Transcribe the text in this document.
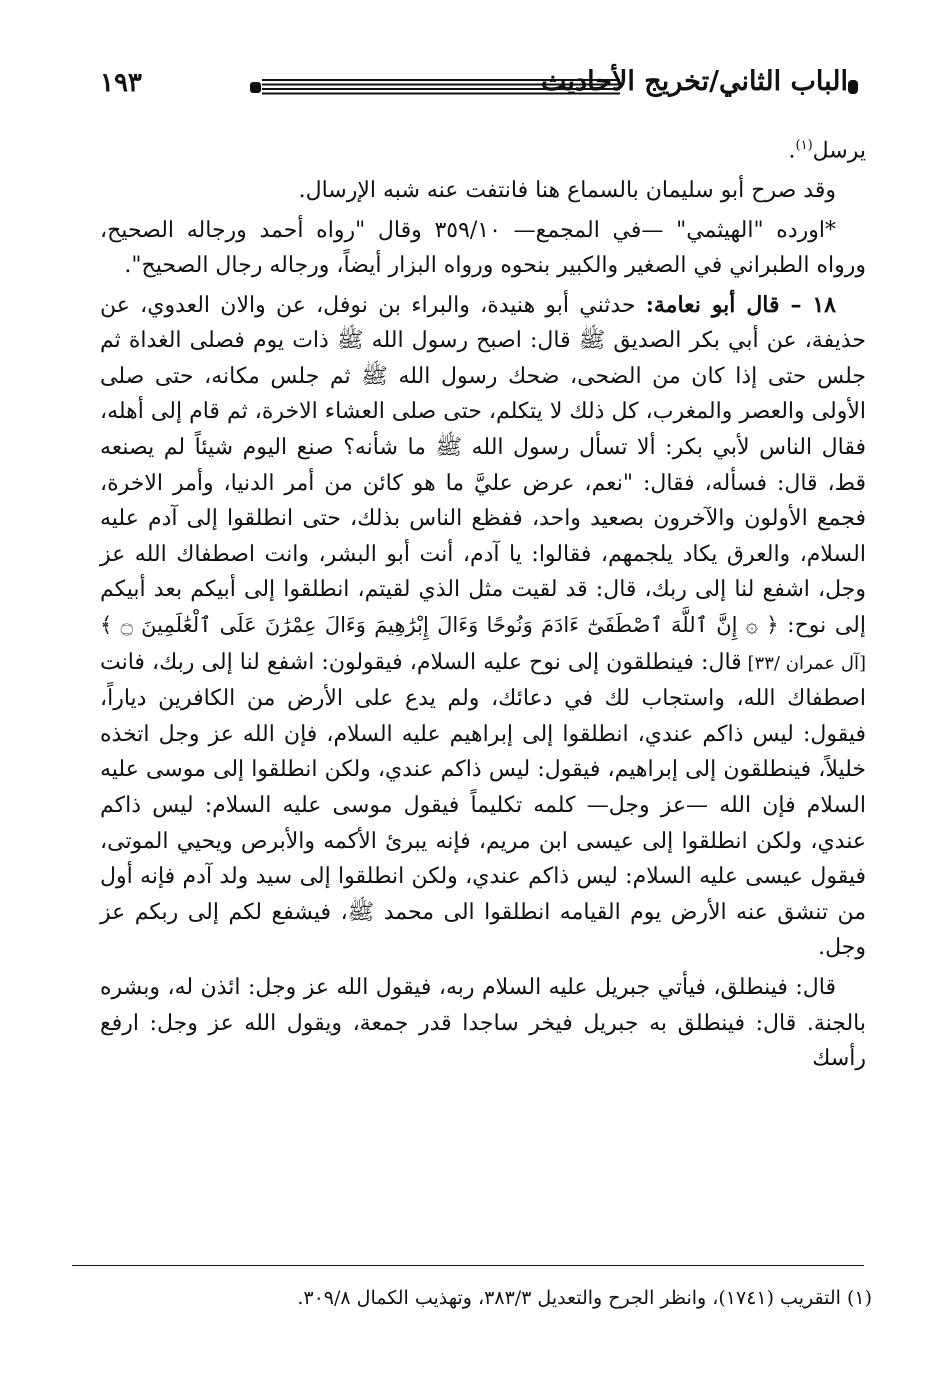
١٩٣	الباب الثاني/تخريج الأحاديث

يرسل$^{(١)}$.

وقد صرح أبو سليمان بالسماع هنا فانتفت عنه شبه الإرسال.

*اورده "الهيثمي" —في المجمع— ٣٥٩/١٠ وقال "رواه أحمد ورجاله الصحيح، ورواه الطبراني في الصغير والكبير بنحوه ورواه البزار أيضاً، ورجاله رجال الصحيح".

١٨ – قال أبو نعامة: حدثني أبو هنيدة، والبراء بن نوفل، عن والان العدوي، عن حذيفة، عن أبي بكر الصديق ﷺ قال: اصبح رسول الله ﷺ ذات يوم فصلى الغداة ثم جلس حتى إذا كان من الضحى، ضحك رسول الله ﷺ ثم جلس مكانه، حتى صلى الأولى والعصر والمغرب، كل ذلك لا يتكلم، حتى صلى العشاء الاخرة، ثم قام إلى أهله، فقال الناس لأبي بكر: ألا تسأل رسول الله ﷺ ما شأنه؟ صنع اليوم شيئاً لم يصنعه قط، قال: فسأله، فقال: "نعم، عرض عليَّ ما هو كائن من أمر الدنيا، وأمر الاخرة، فجمع الأولون والآخرون بصعيد واحد، ففظع الناس بذلك، حتى انطلقوا إلى آدم عليه السلام، والعرق يكاد يلجمهم، فقالوا: يا آدم، أنت أبو البشر، وانت اصطفاك الله عز وجل، اشفع لنا إلى ربك، قال: قد لقيت مثل الذي لقيتم، انطلقوا إلى أبيكم بعد أبيكم إلى نوح: ﴿ ۞ إِنَّ ٱللَّهَ ٱصْطَفَىٰٓ ءَادَمَ وَنُوحًا وَءَالَ إِبْرَٰهِيمَ وَءَالَ عِمْرَٰنَ عَلَى ٱلْعَٰلَمِينَ ۝ ﴾ [آل عمران /٣٣] قال: فينطلقون إلى نوح عليه السلام، فيقولون: اشفع لنا إلى ربك، فانت اصطفاك الله، واستجاب لك في دعائك، ولم يدع على الأرض من الكافرين دياراً، فيقول: ليس ذاكم عندي، انطلقوا إلى إبراهيم عليه السلام، فإن الله عز وجل اتخذه خليلاً، فينطلقون إلى إبراهيم، فيقول: ليس ذاكم عندي، ولكن انطلقوا إلى موسى عليه السلام فإن الله —عز وجل— كلمه تكليماً فيقول موسى عليه السلام: ليس ذاكم عندي، ولكن انطلقوا إلى عيسى ابن مريم، فإنه يبرئ الأكمه والأبرص ويحيي الموتى، فيقول عيسى عليه السلام: ليس ذاكم عندي، ولكن انطلقوا إلى سيد ولد آدم فإنه أول من تنشق عنه الأرض يوم القيامه انطلقوا الى محمد ﷺ، فيشفع لكم إلى ربكم عز وجل.

قال: فينطلق، فيأتي جبريل عليه السلام ربه، فيقول الله عز وجل: ائذن له، وبشره بالجنة. قال: فينطلق به جبريل فيخر ساجدا قدر جمعة، ويقول الله عز وجل: ارفع رأسك

(١) التقريب (١٧٤١)، وانظر الجرح والتعديل ٣٨٣/٣، وتهذيب الكمال ٣٠٩/٨.
